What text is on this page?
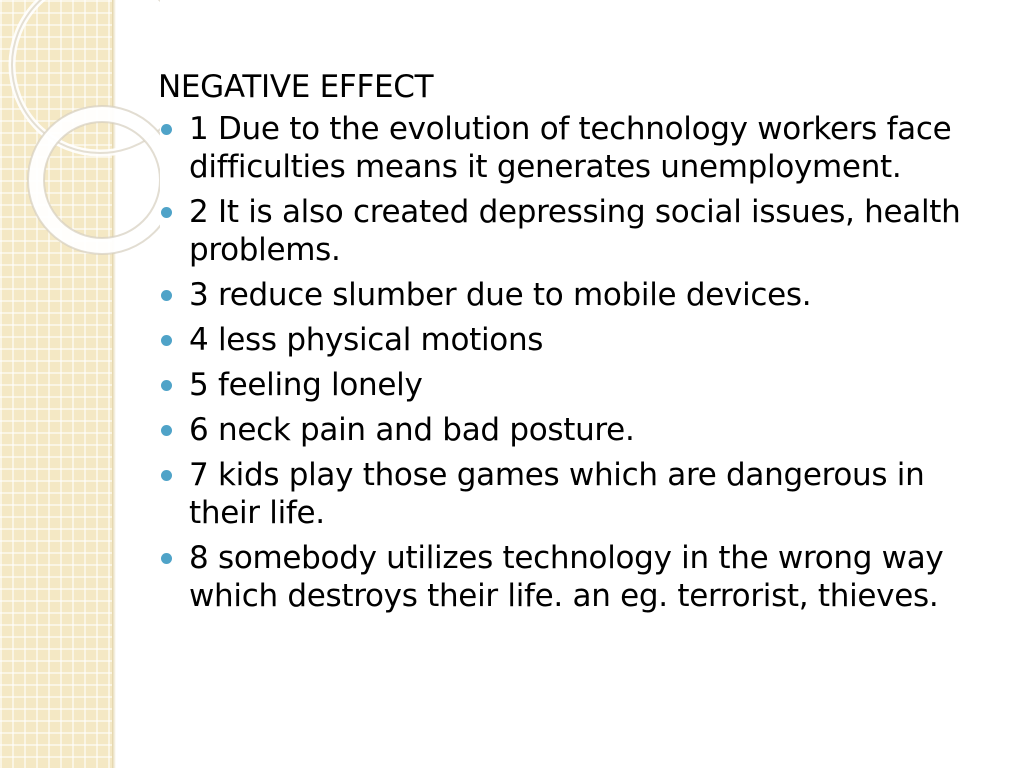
NEGATIVE EFFECT
1 Due to the evolution of technology workers face difficulties means it generates unemployment.
2 It is also created depressing social issues, health problems.
3 reduce slumber due to mobile devices.
4 less physical motions
5 feeling lonely
6 neck pain and bad posture.
7 kids play those games which are dangerous in their life.
8 somebody utilizes technology in the wrong way which destroys their life. an eg. terrorist, thieves.
